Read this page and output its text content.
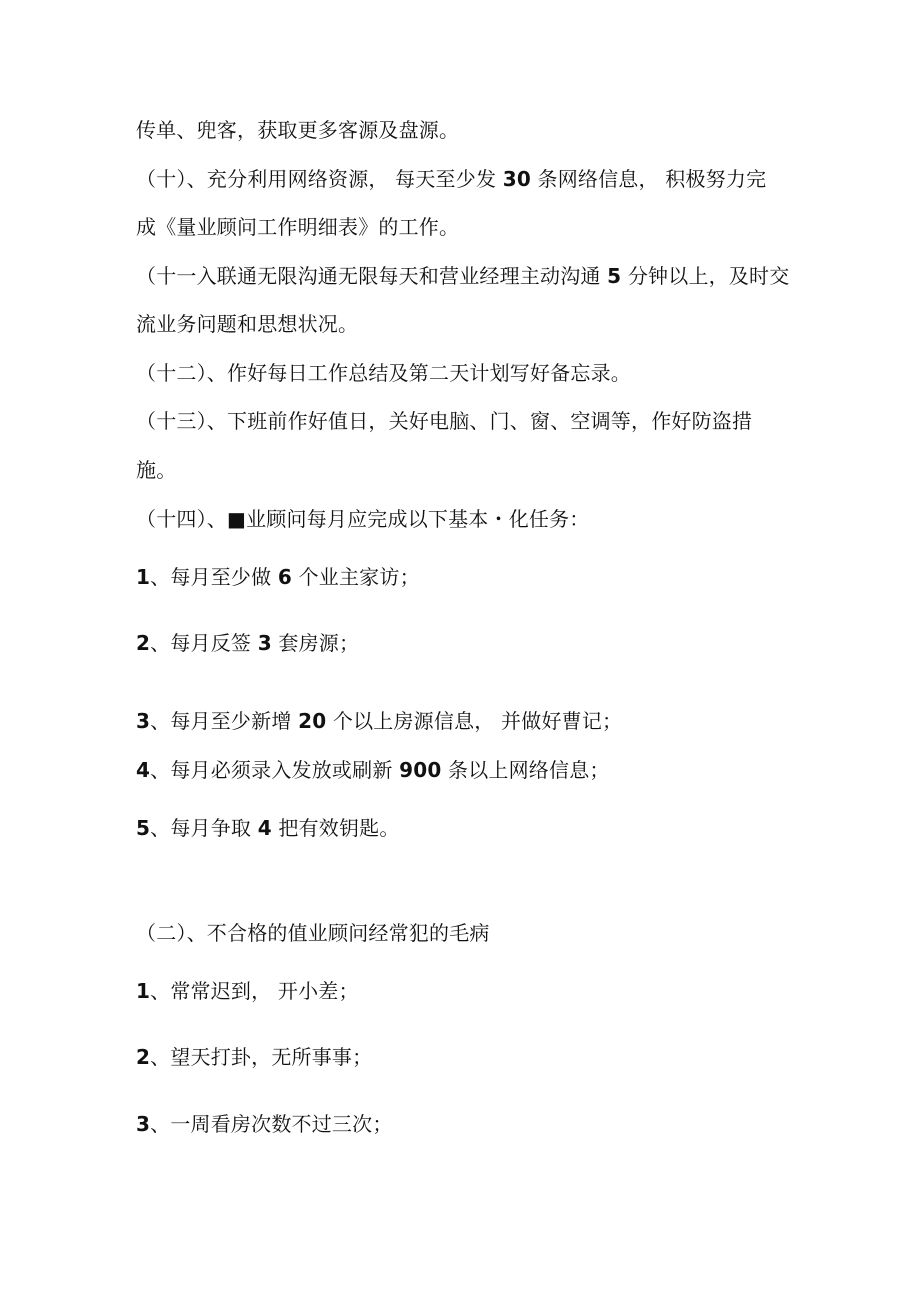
传单、兜客，获取更多客源及盘源。
（十）、充分利用网络资源， 每天至少发 30 条网络信息， 积极努力完
成《量业顾问工作明细表》的工作。
（十一入联通无限沟通无限每天和营业经理主动沟通 5 分钟以上，及时交
流业务问题和思想状况。
（十二）、作好每日工作总结及第二天计划写好备忘录。
（十三）、下班前作好值日，关好电脑、门、窗、空调等，作好防盗措
施。
（十四）、■业顾问每月应完成以下基本・化任务：
1、每月至少做 6 个业主家访；
2、每月反签 3 套房源；
3、每月至少新增 20 个以上房源信息， 并做好曹记；
4、每月必须录入发放或刷新 900 条以上网络信息；
5、每月争取 4 把有效钥匙。
（二）、不合格的值业顾问经常犯的毛病
1、常常迟到， 开小差；
2、望天打卦，无所事事；
3、一周看房次数不过三次；
